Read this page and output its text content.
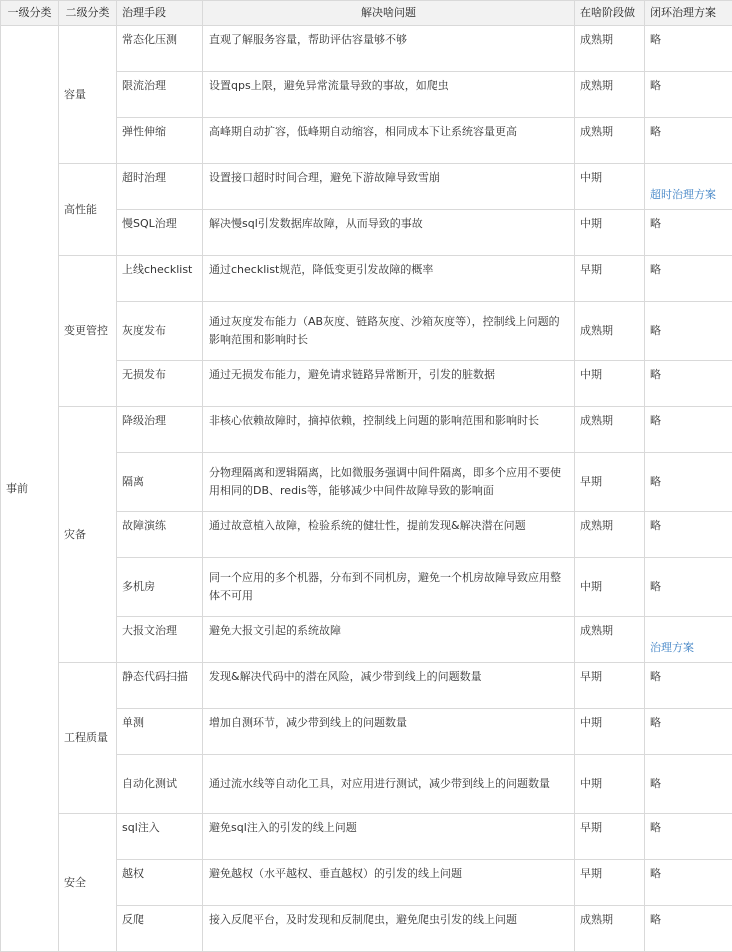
一级分类	二级分类	治理手段	解决啥问题	在啥阶段做	闭环治理方案
事前	容量	常态化压测	直观了解服务容量，帮助评估容量够不够	成熟期	略
		限流治理	设置qps上限，避免异常流量导致的事故，如爬虫	成熟期	略
		弹性伸缩	高峰期自动扩容，低峰期自动缩容，相同成本下让系统容量更高	成熟期	略
	高性能	超时治理	设置接口超时时间合理，避免下游故障导致雪崩	中期	超时治理方案
		慢SQL治理	解决慢sql引发数据库故障，从而导致的事故	中期	略
	变更管控	上线checklist	通过checklist规范，降低变更引发故障的概率	早期	略
		灰度发布	通过灰度发布能力（AB灰度、链路灰度、沙箱灰度等），控制线上问题的影响范围和影响时长	成熟期	略
		无损发布	通过无损发布能力，避免请求链路异常断开，引发的脏数据	中期	略
	灾备	降级治理	非核心依赖故障时，摘掉依赖，控制线上问题的影响范围和影响时长	成熟期	略
		隔离	分物理隔离和逻辑隔离，比如微服务强调中间件隔离，即多个应用不要使用相同的DB、redis等，能够减少中间件故障导致的影响面	早期	略
		故障演练	通过故意植入故障，检验系统的健壮性，提前发现&解决潜在问题	成熟期	略
		多机房	同一个应用的多个机器，分布到不同机房，避免一个机房故障导致应用整体不可用	中期	略
		大报文治理	避免大报文引起的系统故障	成熟期	治理方案
	工程质量	静态代码扫描	发现&解决代码中的潜在风险，减少带到线上的问题数量	早期	略
		单测	增加自测环节，减少带到线上的问题数量	中期	略
		自动化测试	通过流水线等自动化工具，对应用进行测试，减少带到线上的问题数量	中期	略
	安全	sql注入	避免sql注入的引发的线上问题	早期	略
		越权	避免越权（水平越权、垂直越权）的引发的线上问题	早期	略
		反爬	接入反爬平台，及时发现和反制爬虫，避免爬虫引发的线上问题	成熟期	略
